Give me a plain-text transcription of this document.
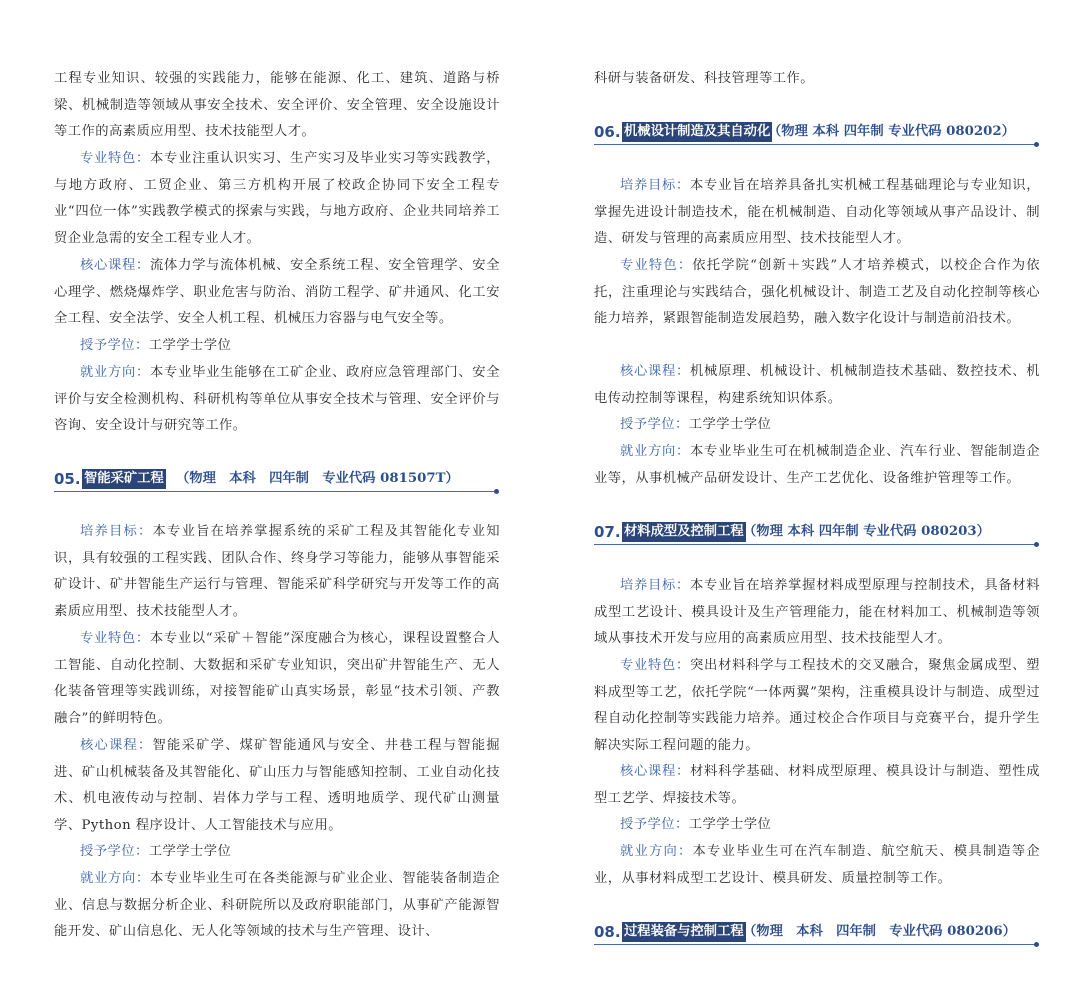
工程专业知识、较强的实践能力，能够在能源、化工、建筑、道路与桥梁、机械制造等领域从事安全技术、安全评价、安全管理、安全设施设计等工作的高素质应用型、技术技能型人才。

专业特色：本专业注重认识实习、生产实习及毕业实习等实践教学，与地方政府、工贸企业、第三方机构开展了校政企协同下安全工程专业“四位一体”实践教学模式的探索与实践，与地方政府、企业共同培养工贸企业急需的安全工程专业人才。

核心课程：流体力学与流体机械、安全系统工程、安全管理学、安全心理学、燃烧爆炸学、职业危害与防治、消防工程学、矿井通风、化工安全工程、安全法学、安全人机工程、机械压力容器与电气安全等。

授予学位：工学学士学位

就业方向：本专业毕业生能够在工矿企业、政府应急管理部门、安全评价与安全检测机构、科研机构等单位从事安全技术与管理、安全评价与咨询、安全设计与研究等工作。

05. 智能采矿工程 （物理　本科　四年制　专业代码 081507T）

培养目标：本专业旨在培养掌握系统的采矿工程及其智能化专业知识，具有较强的工程实践、团队合作、终身学习等能力，能够从事智能采矿设计、矿井智能生产运行与管理、智能采矿科学研究与开发等工作的高素质应用型、技术技能型人才。

专业特色：本专业以“采矿＋智能”深度融合为核心，课程设置整合人工智能、自动化控制、大数据和采矿专业知识，突出矿井智能生产、无人化装备管理等实践训练，对接智能矿山真实场景，彰显“技术引领、产教融合”的鲜明特色。

核心课程：智能采矿学、煤矿智能通风与安全、井巷工程与智能掘进、矿山机械装备及其智能化、矿山压力与智能感知控制、工业自动化技术、机电液传动与控制、岩体力学与工程、透明地质学、现代矿山测量学、Python 程序设计、人工智能技术与应用。

授予学位：工学学士学位

就业方向：本专业毕业生可在各类能源与矿业企业、智能装备制造企业、信息与数据分析企业、科研院所以及政府职能部门，从事矿产能源智能开发、矿山信息化、无人化等领域的技术与生产管理、设计、

科研与装备研发、科技管理等工作。

06. 机械设计制造及其自动化
（物理 本科 四年制 专业代码 080202）

培养目标：本专业旨在培养具备扎实机械工程基础理论与专业知识，掌握先进设计制造技术，能在机械制造、自动化等领域从事产品设计、制造、研发与管理的高素质应用型、技术技能型人才。

专业特色：依托学院“创新＋实践”人才培养模式，以校企合作为依托，注重理论与实践结合，强化机械设计、制造工艺及自动化控制等核心能力培养，紧跟智能制造发展趋势，融入数字化设计与制造前沿技术。

核心课程：机械原理、机械设计、机械制造技术基础、数控技术、机电传动控制等课程，构建系统知识体系。

授予学位：工学学士学位

就业方向：本专业毕业生可在机械制造企业、汽车行业、智能制造企业等，从事机械产品研发设计、生产工艺优化、设备维护管理等工作。

07. 材料成型及控制工程 （物理 本科 四年制 专业代码 080203）

培养目标：本专业旨在培养掌握材料成型原理与控制技术，具备材料成型工艺设计、模具设计及生产管理能力，能在材料加工、机械制造等领域从事技术开发与应用的高素质应用型、技术技能型人才。

专业特色：突出材料科学与工程技术的交叉融合，聚焦金属成型、塑料成型等工艺，依托学院“一体两翼”架构，注重模具设计与制造、成型过程自动化控制等实践能力培养。通过校企合作项目与竞赛平台，提升学生解决实际工程问题的能力。

核心课程：材料科学基础、材料成型原理、模具设计与制造、塑性成型工艺学、焊接技术等。

授予学位：工学学士学位

就业方向：本专业毕业生可在汽车制造、航空航天、模具制造等企业，从事材料成型工艺设计、模具研发、质量控制等工作。

08. 过程装备与控制工程 （物理　本科　四年制　专业代码 080206）
